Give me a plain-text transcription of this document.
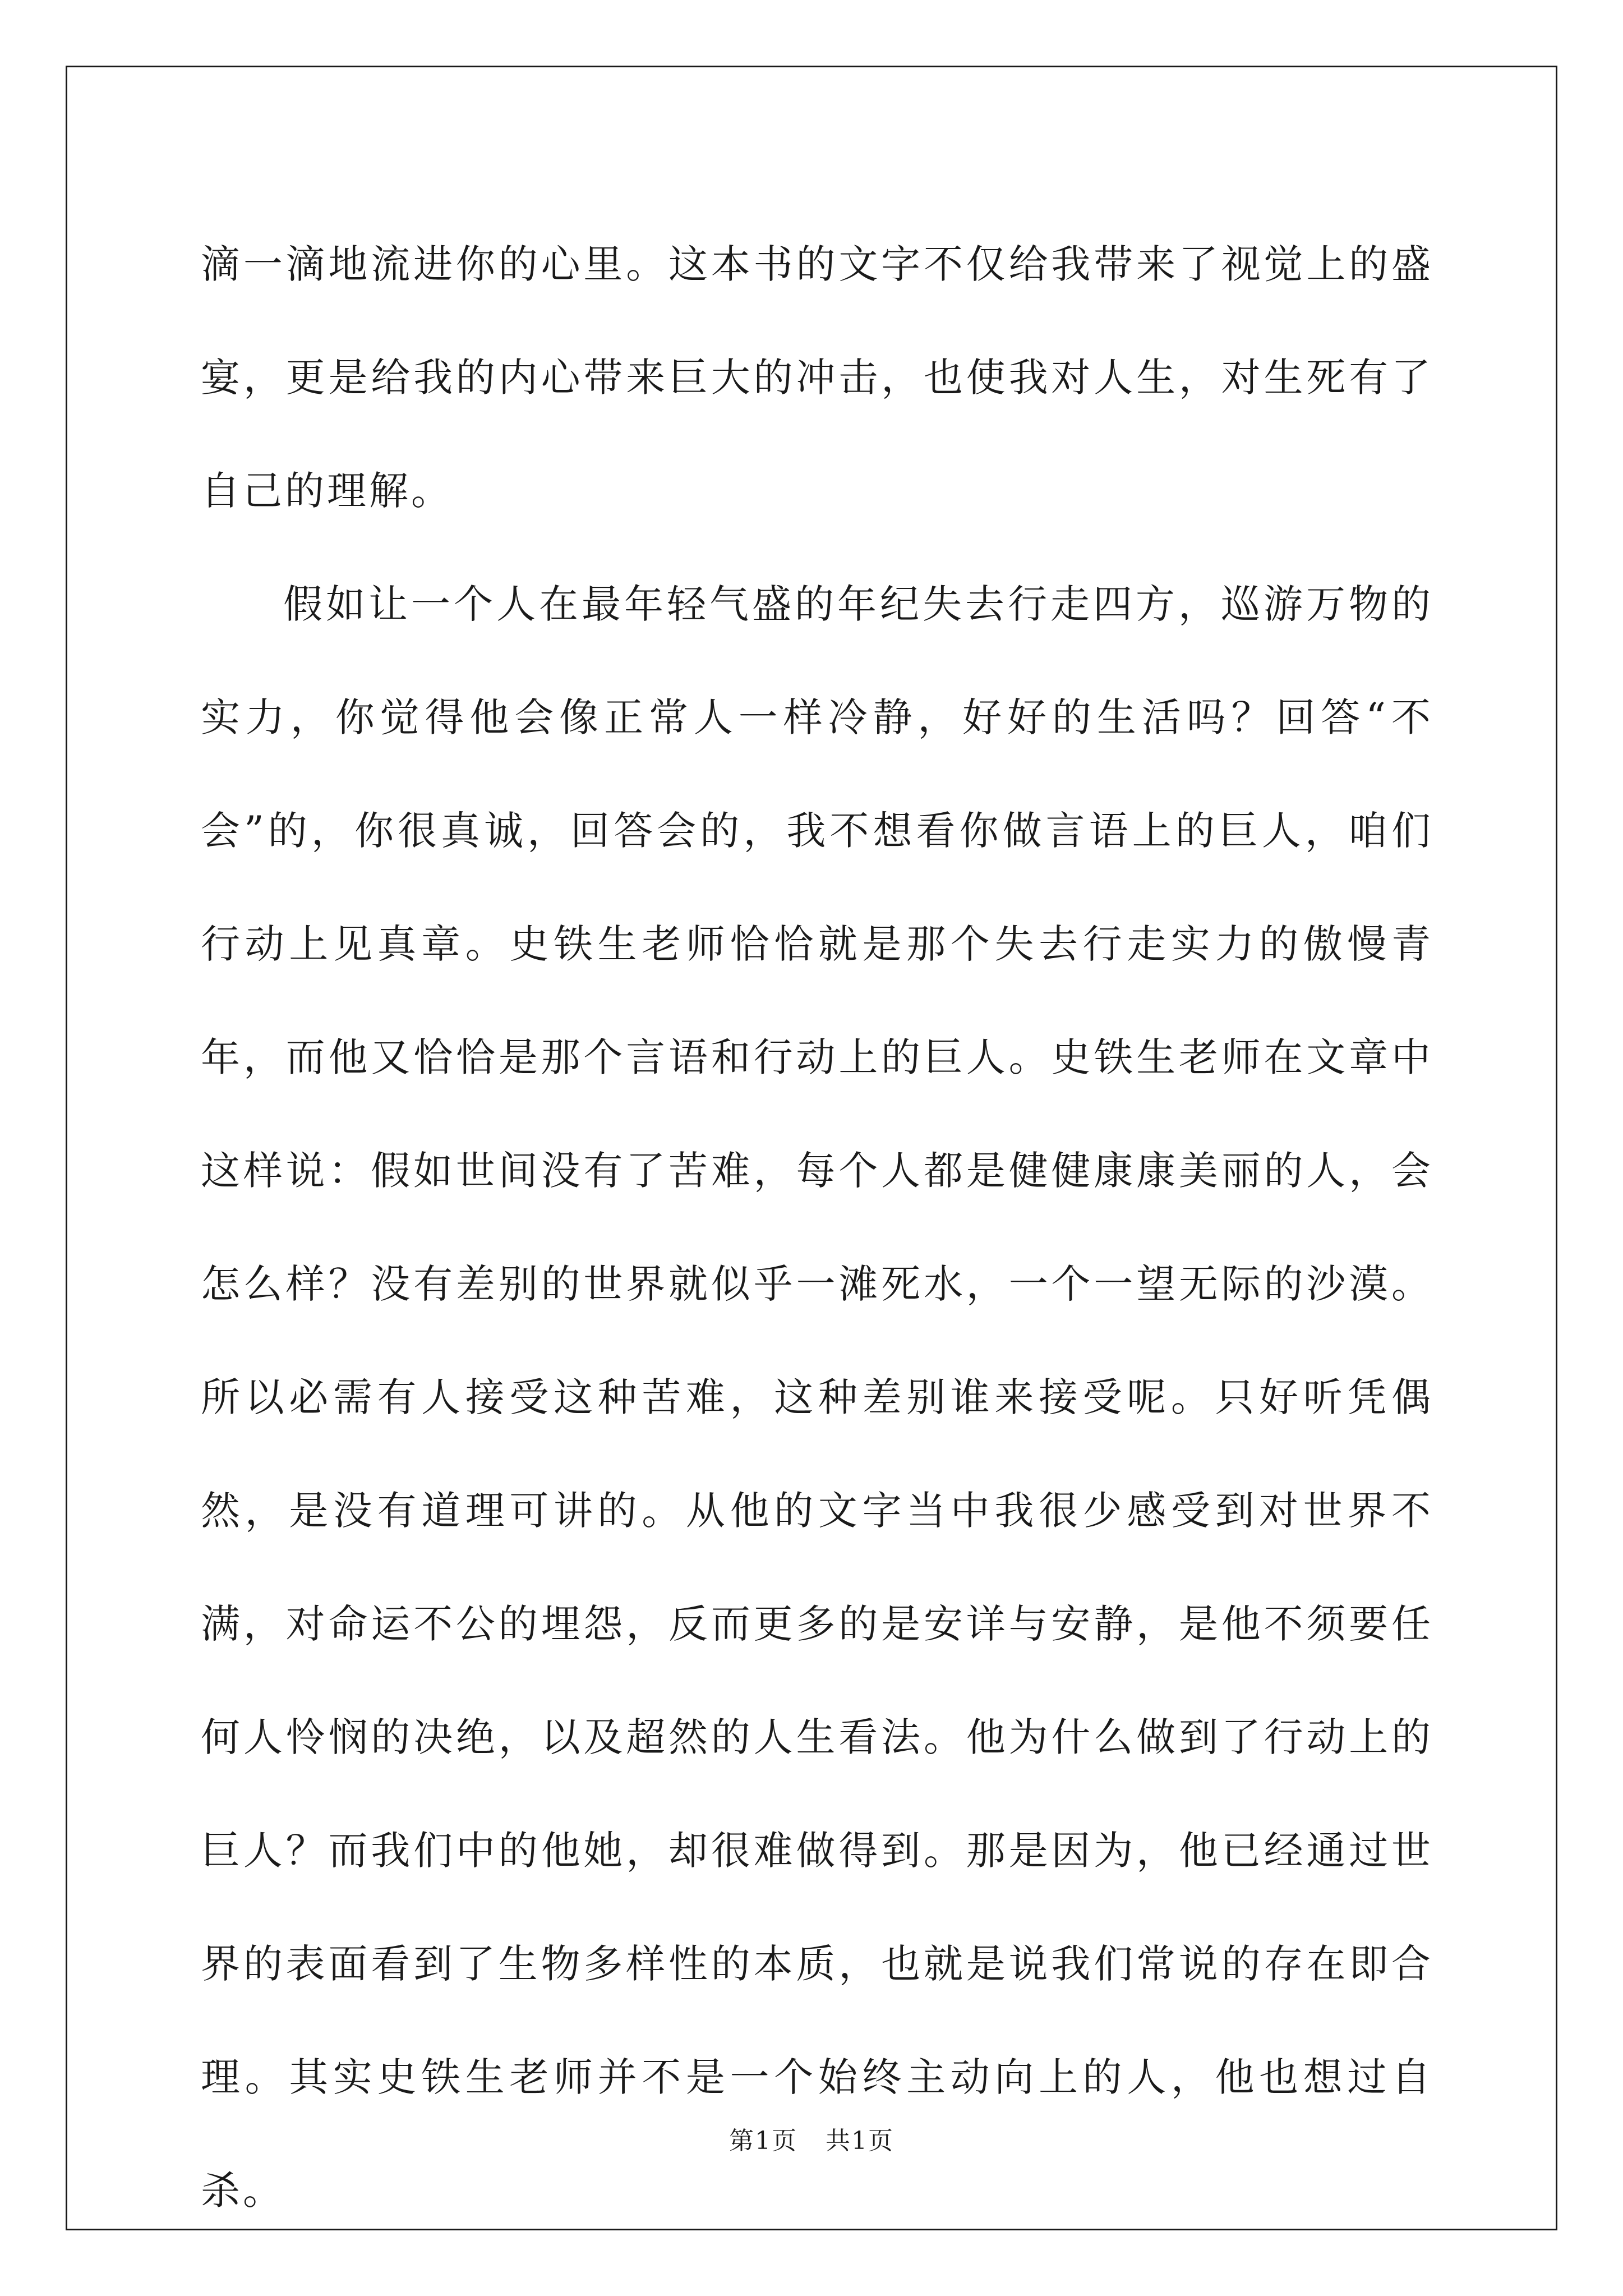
滴一滴地流进你的心里。这本书的文字不仅给我带来了视觉上的盛宴，更是给我的内心带来巨大的冲击，也使我对人生，对生死有了自己的理解。

假如让一个人在最年轻气盛的年纪失去行走四方，巡游万物的实力，你觉得他会像正常人一样冷静，好好的生活吗？回答“不会”的，你很真诚，回答会的，我不想看你做言语上的巨人，咱们行动上见真章。史铁生老师恰恰就是那个失去行走实力的傲慢青年，而他又恰恰是那个言语和行动上的巨人。史铁生老师在文章中这样说：假如世间没有了苦难，每个人都是健健康康美丽的人，会怎么样？没有差别的世界就似乎一滩死水，一个一望无际的沙漠。所以必需有人接受这种苦难，这种差别谁来接受呢。只好听凭偶然，是没有道理可讲的。从他的文字当中我很少感受到对世界不满，对命运不公的埋怨，反而更多的是安详与安静，是他不须要任何人怜悯的决绝，以及超然的人生看法。他为什么做到了行动上的巨人？而我们中的他她，却很难做得到。那是因为，他已经通过世界的表面看到了生物多样性的本质，也就是说我们常说的存在即合理。其实史铁生老师并不是一个始终主动向上的人，他也想过自杀。

第1页 共1页
